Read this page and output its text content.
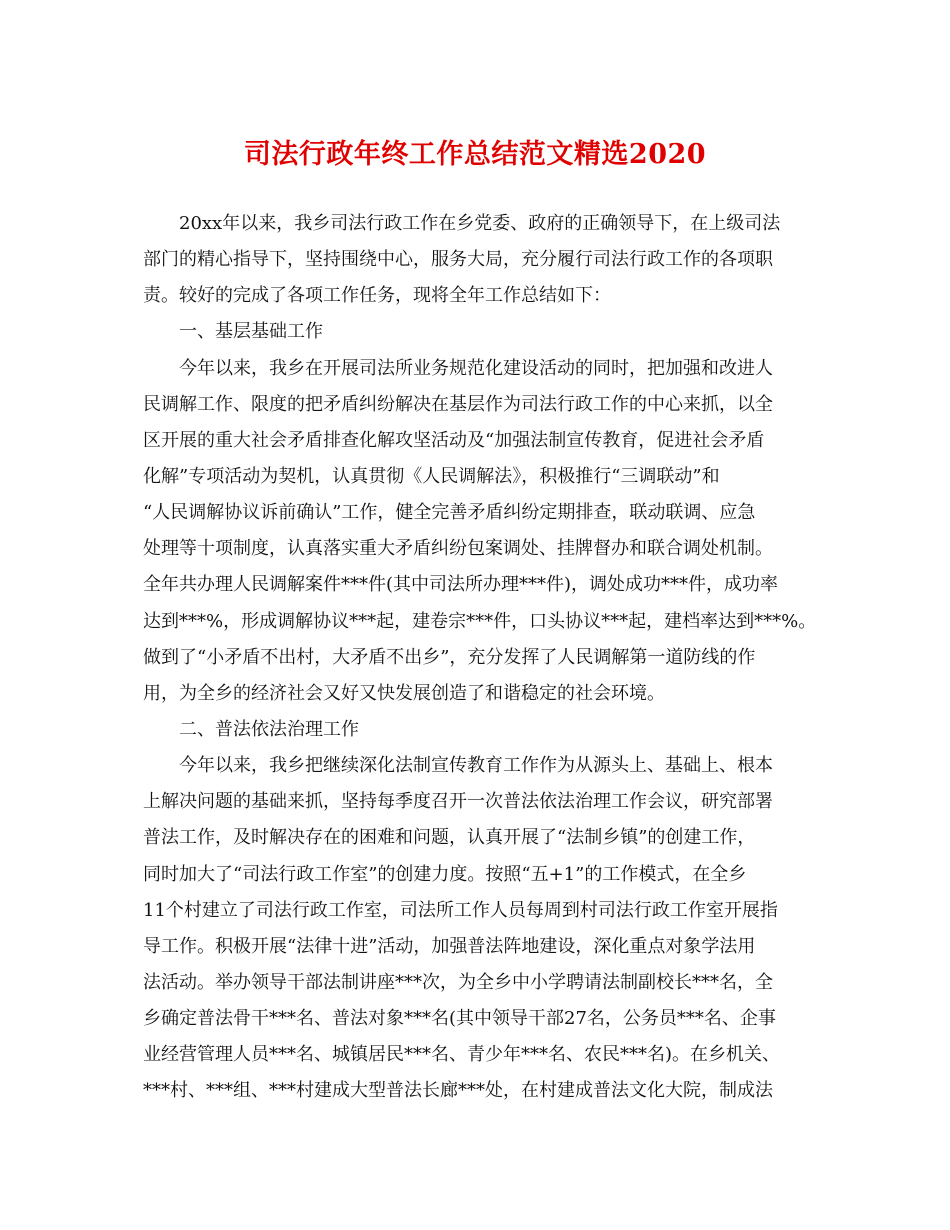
司法行政年终工作总结范文精选2020
20xx年以来，我乡司法行政工作在乡党委、政府的正确领导下，在上级司法
部门的精心指导下，坚持围绕中心，服务大局，充分履行司法行政工作的各项职
责。较好的完成了各项工作任务，现将全年工作总结如下：
一、基层基础工作
今年以来，我乡在开展司法所业务规范化建设活动的同时，把加强和改进人
民调解工作、限度的把矛盾纠纷解决在基层作为司法行政工作的中心来抓，以全
区开展的重大社会矛盾排查化解攻坚活动及“加强法制宣传教育，促进社会矛盾
化解”专项活动为契机，认真贯彻《人民调解法》，积极推行“三调联动”和
“人民调解协议诉前确认”工作，健全完善矛盾纠纷定期排查，联动联调、应急
处理等十项制度，认真落实重大矛盾纠纷包案调处、挂牌督办和联合调处机制。
全年共办理人民调解案件***件(其中司法所办理***件)，调处成功***件，成功率
达到***%，形成调解协议***起，建卷宗***件，口头协议***起，建档率达到***%。
做到了“小矛盾不出村，大矛盾不出乡”，充分发挥了人民调解第一道防线的作
用，为全乡的经济社会又好又快发展创造了和谐稳定的社会环境。
二、普法依法治理工作
今年以来，我乡把继续深化法制宣传教育工作作为从源头上、基础上、根本
上解决问题的基础来抓，坚持每季度召开一次普法依法治理工作会议，研究部署
普法工作，及时解决存在的困难和问题，认真开展了“法制乡镇”的创建工作，
同时加大了“司法行政工作室”的创建力度。按照“五+1”的工作模式，在全乡
11个村建立了司法行政工作室，司法所工作人员每周到村司法行政工作室开展指
导工作。积极开展“法律十进”活动，加强普法阵地建设，深化重点对象学法用
法活动。举办领导干部法制讲座***次，为全乡中小学聘请法制副校长***名，全
乡确定普法骨干***名、普法对象***名(其中领导干部27名，公务员***名、企事
业经营管理人员***名、城镇居民***名、青少年***名、农民***名)。在乡机关、
***村、***组、***村建成大型普法长廊***处，在村建成普法文化大院，制成法
